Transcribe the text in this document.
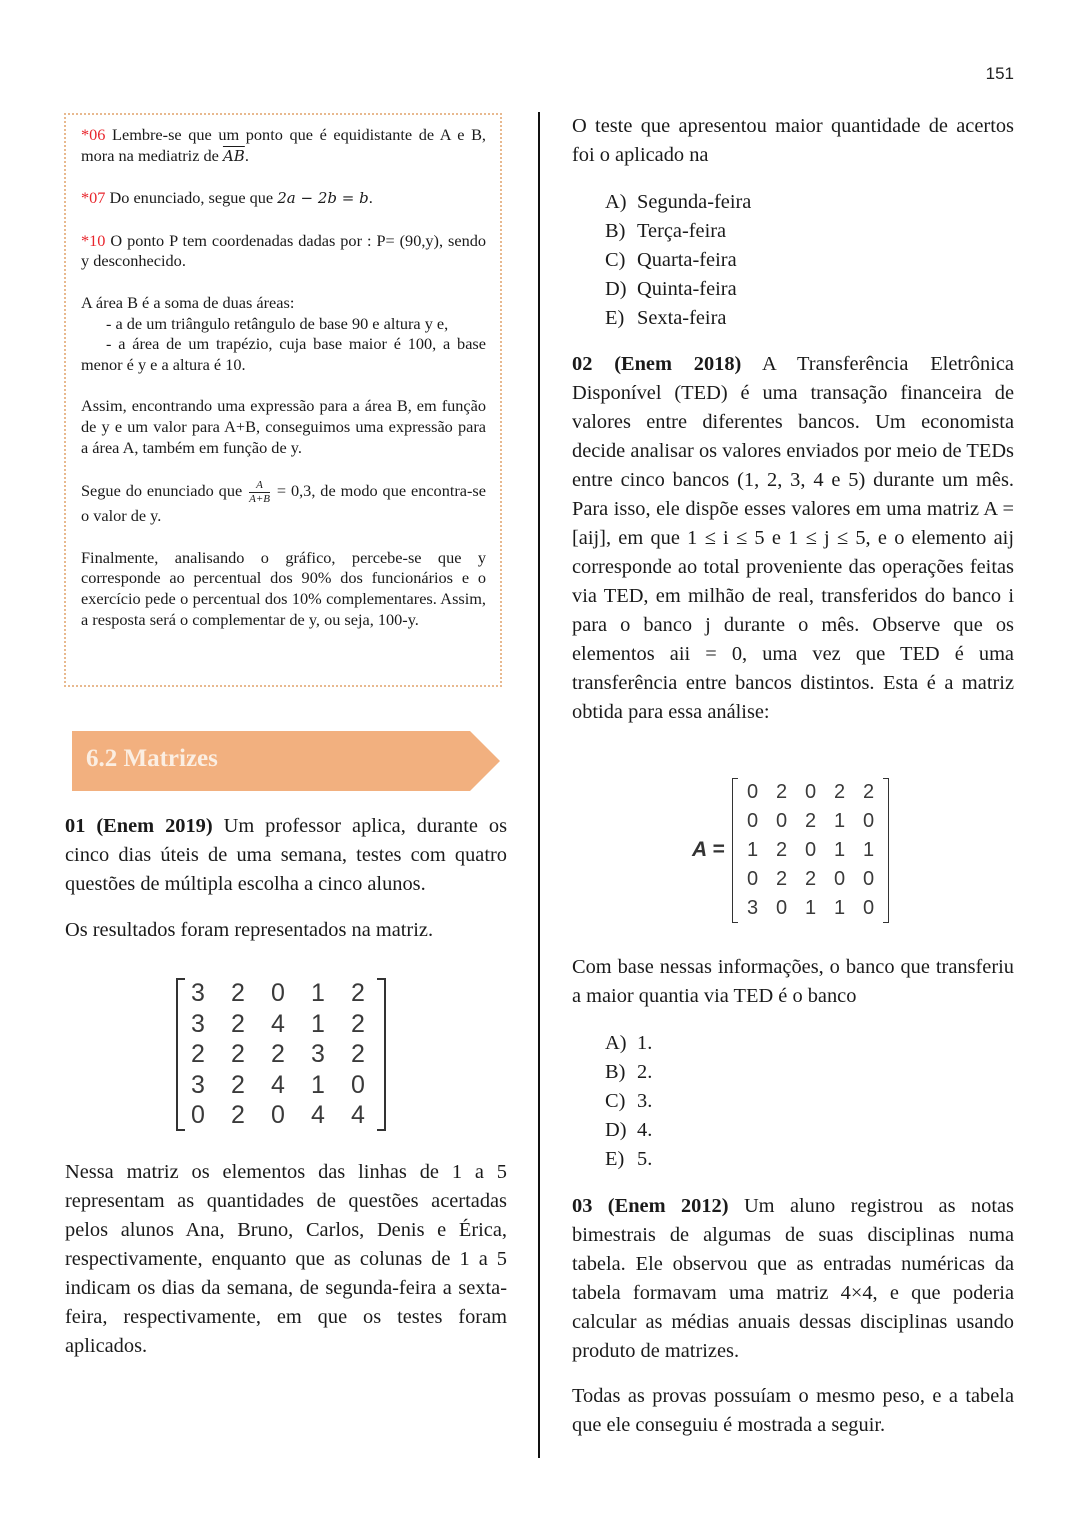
151

*06 Lembre-se que um ponto que é equidistante de A e B, mora na mediatriz de $\overline{AB}$.

*07 Do enunciado, segue que 2a − 2b = b.

*10 O ponto P tem coordenadas dadas por : P= (90,y), sendo y desconhecido.

A área B é a soma de duas áreas:

- a de um triângulo retângulo de base 90 e altura y e,

- a área de um trapézio, cuja base maior é 100, a base menor é y e a altura é 10.

Assim, encontrando uma expressão para a área B, em função de y e um valor para A+B, conseguimos uma expressão para a área A, também em função de y.

Segue do enunciado que $\frac{A}{A+B} = 0,3$, de modo que encontra-se o valor de y.

Finalmente, analisando o gráfico, percebe-se que y corresponde ao percentual dos 90% dos funcionários e o exercício pede o percentual dos 10% complementares. Assim, a resposta será o complementar de y, ou seja, 100-y.

6.2 Matrizes

01 (Enem 2019) Um professor aplica, durante os cinco dias úteis de uma semana, testes com quatro questões de múltipla escolha a cinco alunos.

Os resultados foram representados na matriz.

3	2	0	1	2
3	2	4	1	2
2	2	2	3	2
3	2	4	1	0
0	2	0	4	4

Nessa matriz os elementos das linhas de 1 a 5 representam as quantidades de questões acertadas pelos alunos Ana, Bruno, Carlos, Denis e Érica, respectivamente, enquanto que as colunas de 1 a 5 indicam os dias da semana, de segunda-feira a sexta-feira, respectivamente, em que os testes foram aplicados.

O teste que apresentou maior quantidade de acertos foi o aplicado na

A) Segunda-feira
B) Terça-feira
C) Quarta-feira
D) Quinta-feira
E) Sexta-feira

02 (Enem 2018) A Transferência Eletrônica Disponível (TED) é uma transação financeira de valores entre diferentes bancos. Um economista decide analisar os valores enviados por meio de TEDs entre cinco bancos (1, 2, 3, 4 e 5) durante um mês. Para isso, ele dispõe esses valores em uma matriz A = [aij], em que 1 ≤ i ≤ 5 e 1 ≤ j ≤ 5, e o elemento aij corresponde ao total proveniente das operações feitas via TED, em milhão de real, transferidos do banco i para o banco j durante o mês. Observe que os elementos aii = 0, uma vez que TED é uma transferência entre bancos distintos. Esta é a matriz obtida para essa análise:

A =
0 2 0 2 2
0 0 2 1 0
1 2 0 1 1
0 2 2 0 0
3 0 1 1 0

Com base nessas informações, o banco que transferiu a maior quantia via TED é o banco

A) 1.
B) 2.
C) 3.
D) 4.
E) 5.

03 (Enem 2012) Um aluno registrou as notas bimestrais de algumas de suas disciplinas numa tabela. Ele observou que as entradas numéricas da tabela formavam uma matriz 4×4, e que poderia calcular as médias anuais dessas disciplinas usando produto de matrizes.

Todas as provas possuíam o mesmo peso, e a tabela que ele conseguiu é mostrada a seguir.
